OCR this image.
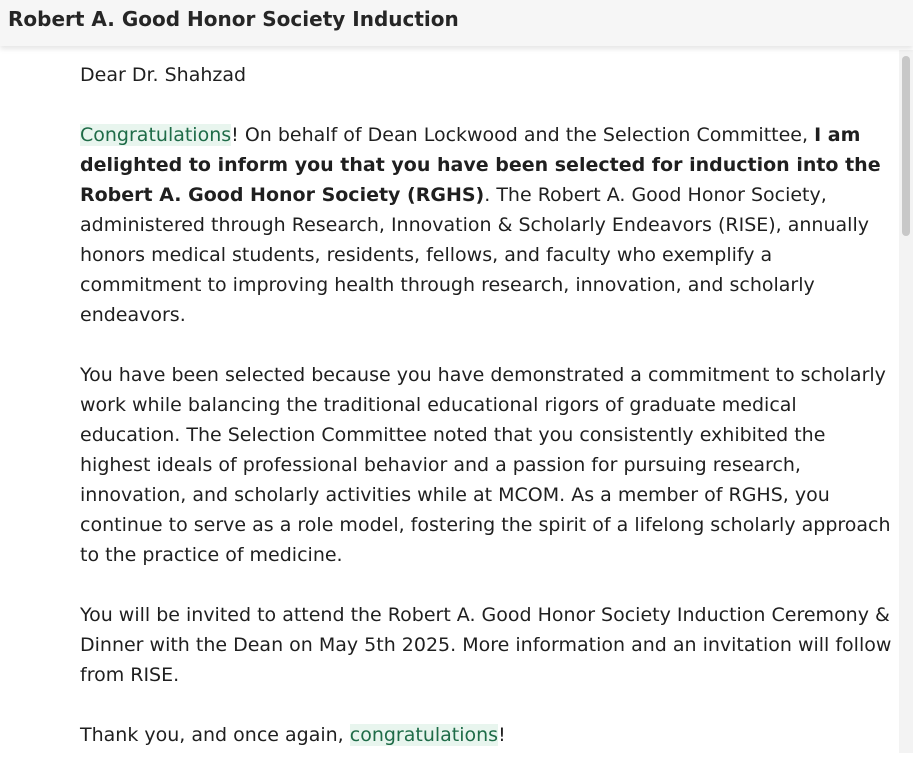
Robert A. Good Honor Society Induction

Dear Dr. Shahzad

Congratulations! On behalf of Dean Lockwood and the Selection Committee, I am delighted to inform you that you have been selected for induction into the Robert A. Good Honor Society (RGHS). The Robert A. Good Honor Society, administered through Research, Innovation & Scholarly Endeavors (RISE), annually honors medical students, residents, fellows, and faculty who exemplify a commitment to improving health through research, innovation, and scholarly endeavors.

You have been selected because you have demonstrated a commitment to scholarly work while balancing the traditional educational rigors of graduate medical education. The Selection Committee noted that you consistently exhibited the highest ideals of professional behavior and a passion for pursuing research, innovation, and scholarly activities while at MCOM. As a member of RGHS, you continue to serve as a role model, fostering the spirit of a lifelong scholarly approach to the practice of medicine.

You will be invited to attend the Robert A. Good Honor Society Induction Ceremony & Dinner with the Dean on May 5th 2025. More information and an invitation will follow from RISE.

Thank you, and once again, congratulations!
